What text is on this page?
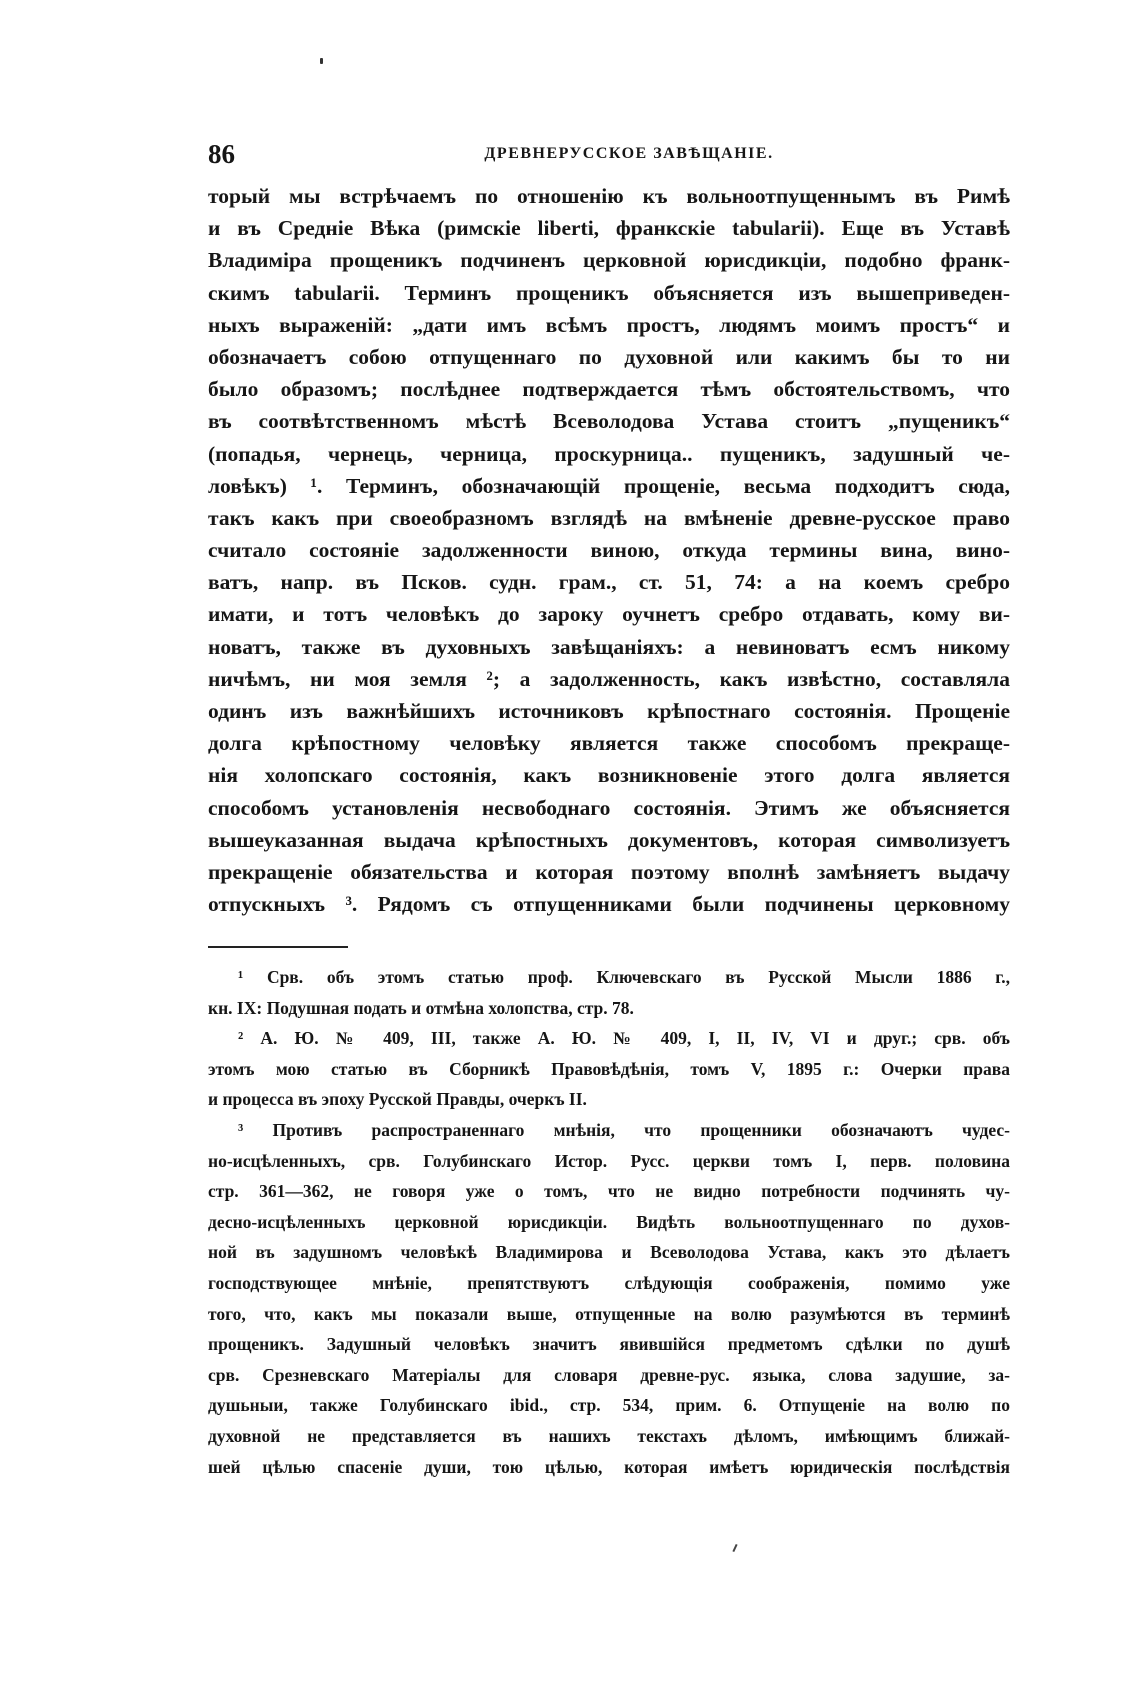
86	ДРЕВНЕРУССКОЕ ЗАВѢЩАНІЕ.
торый мы встрѣчаемъ по отношенію къ вольноотпущеннымъ въ Римѣ
и въ Средніе Вѣка (римскіе liberti, франкскіе tabularii). Еще въ Уставѣ
Владиміра прощеникъ подчиненъ церковной юрисдикціи, подобно франк-
скимъ tabularii. Терминъ прощеникъ объясняется изъ вышеприведен-
ныхъ выраженій: „дати имъ всѣмъ простъ, людямъ моимъ простъ“ и
обозначаетъ собою отпущеннаго по духовной или какимъ бы то ни
было образомъ; послѣднее подтверждается тѣмъ обстоятельствомъ, что
въ соотвѣтственномъ мѣстѣ Всеволодова Устава стоитъ „пущеникъ“
(попадья, чернець, черница, проскурница.. пущеникъ, задушный че-
ловѣкъ) ¹. Терминъ, обозначающій прощеніе, весьма подходитъ сюда,
такъ какъ при своеобразномъ взглядѣ на вмѣненіе древне-русское право
считало состояніе задолженности виною, откуда термины вина, вино-
ватъ, напр. въ Псков. судн. грам., ст. 51, 74: а на коемъ сребро
имати, и тотъ человѣкъ до зароку оучнетъ сребро отдавать, кому ви-
новатъ, также въ духовныхъ завѣщаніяхъ: а невиноватъ есмъ никому
ничѣмъ, ни моя земля ²; а задолженность, какъ извѣстно, составляла
одинъ изъ важнѣйшихъ источниковъ крѣпостнаго состоянія. Прощеніе
долга крѣпостному человѣку является также способомъ прекраще-
нія холопскаго состоянія, какъ возникновеніе этого долга является
способомъ установленія несвободнаго состоянія. Этимъ же объясняется
вышеуказанная выдача крѣпостныхъ документовъ, которая символизуетъ
прекращеніе обязательства и которая поэтому вполнѣ замѣняетъ выдачу
отпускныхъ ³. Рядомъ съ отпущенниками были подчинены церковному
¹ Срв. объ этомъ статью проф. Ключевскаго въ Русской Мысли 1886 г.,
кн. IX: Подушная подать и отмѣна холопства, стр. 78.
² А. Ю. № 409, III, также А. Ю. № 409, I, II, IV, VI и друг.; срв. объ
этомъ мою статью въ Сборникѣ Правовѣдѣнія, томъ V, 1895 г.: Очерки права
и процесса въ эпоху Русской Правды, очеркъ II.
³ Противъ распространеннаго мнѣнія, что прощенники обозначаютъ чудес-
но-исцѣленныхъ, срв. Голубинскаго Истор. Русс. церкви томъ I, перв. половина
стр. 361—362, не говоря уже о томъ, что не видно потребности подчинять чу-
десно-исцѣленныхъ церковной юрисдикціи. Видѣть вольноотпущеннаго по духов-
ной въ задушномъ человѣкѣ Владимирова и Всеволодова Устава, какъ это дѣлаетъ
господствующее мнѣніе, препятствуютъ слѣдующія соображенія, помимо уже
того, что, какъ мы показали выше, отпущенные на волю разумѣются въ терминѣ
прощеникъ. Задушный человѣкъ значитъ явившійся предметомъ сдѣлки по душѣ
срв. Срезневскаго Матеріалы для словаря древне-рус. языка, слова задушие, за-
душьныи, также Голубинскаго ibid., стр. 534, прим. 6. Отпущеніе на волю по
духовной не представляется въ нашихъ текстахъ дѣломъ, имѣющимъ ближай-
шей цѣлью спасеніе души, тою цѣлью, которая имѣетъ юридическія послѣдствія
